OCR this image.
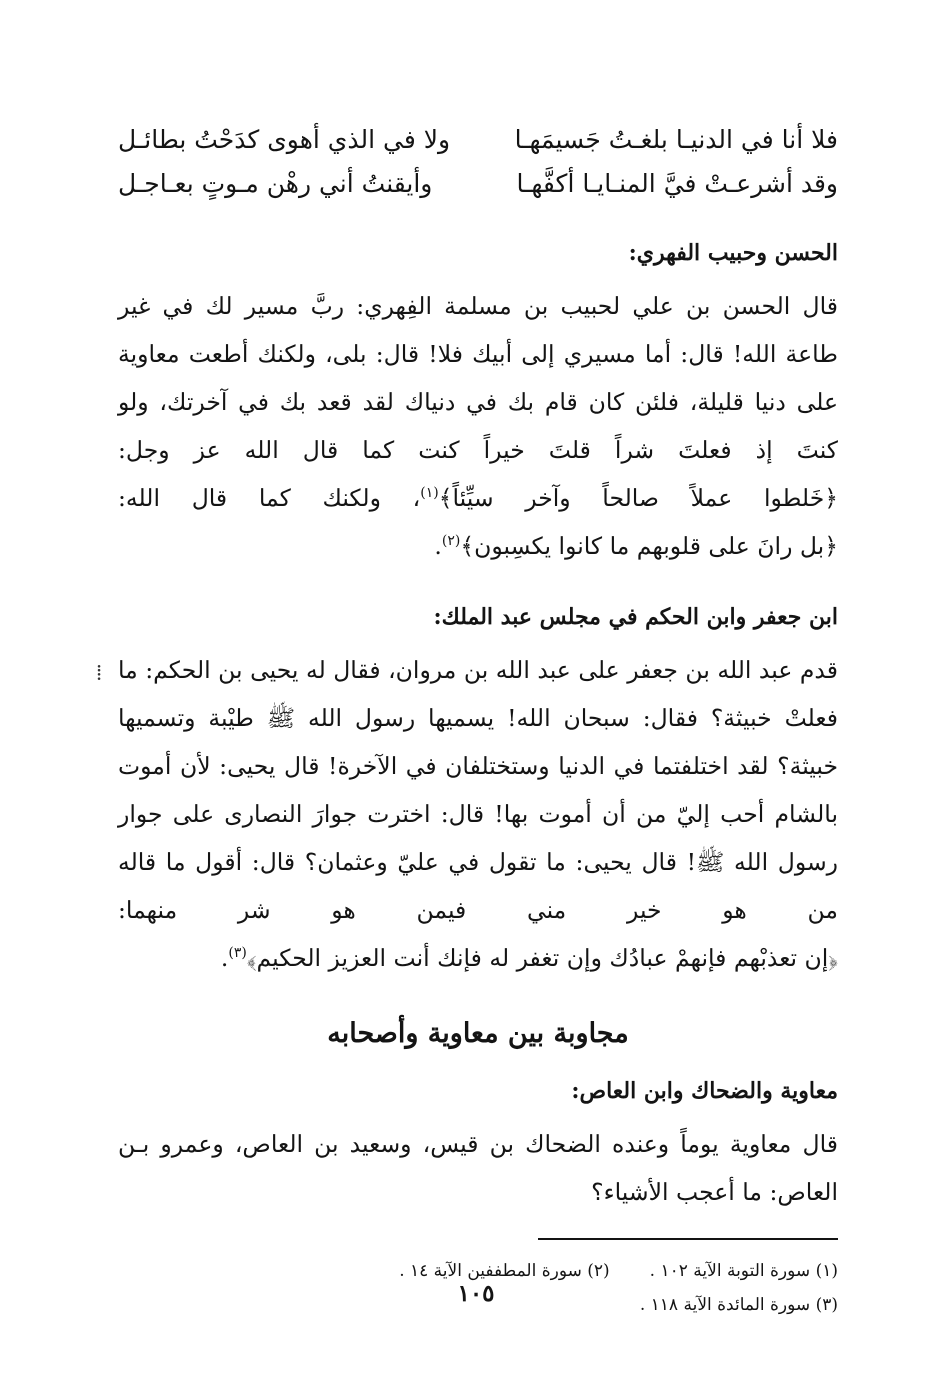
فلا أنا في الدنيـا بلغـتُ جَسيمَهـا
ولا في الذي أهوى كدَحْتُ بطائـل
وقد أشرعـتْ فيَّ المنـايـا أكفَّهـا
وأيقنتُ أني رهْن مـوتٍ بعـاجـل
الحسن وحبيب الفهري:

قال الحسن بن علي لحبيب بن مسلمة الفِهري: ربَّ مسير لك في غير طاعة الله! قال: أما مسيري إلى أبيك فلا! قال: بلى، ولكنك أطعت معاوية على دنيا قليلة، فلئن كان قام بك في دنياك لقد قعد بك في آخرتك، ولو كنتَ إذ فعلتَ شراً قلتَ خيراً كنت كما قال الله عز وجل: ﴿خَلطوا عملاً صالحاً وآخر سيِّئاً﴾$^{(١)}$، ولكنك كما قال الله: ﴿بل رانَ على قلوبهم ما كانوا يكسِبون﴾$^{(٢)}$.

ابن جعفر وابن الحكم في مجلس عبد الملك:

قدم عبد الله بن جعفر على عبد الله بن مروان، فقال له يحيى بن الحكم: ما فعلتْ خبيثة؟ فقال: سبحان الله! يسميها رسول الله ﷺ طيْبة وتسميها خبيثة؟ لقد اختلفتما في الدنيا وستختلفان في الآخرة! قال يحيى: لأن أموت بالشام أحب إليّ من أن أموت بها! قال: اخترت جوارَ النصارى على جوار رسول الله ﷺ! قال يحيى: ما تقول في عليّ وعثمان؟ قال: أقول ما قاله من هو خير مني فيمن هو شر منهما: ﴿إن تعذبْهم فإنهمْ عبادُك وإن تغفر له فإنك أنت العزيز الحكيم﴾$^{(٣)}$.

مجاوبة بين معاوية وأصحابه
معاوية والضحاك وابن العاص:

قال معاوية يوماً وعنده الضحاك بن قيس، وسعيد بن العاص، وعمرو بـن العاص: ما أعجب الأشياء؟

(١) سورة التوبة الآية ١٠٢ .
(٢) سورة المطففين الآية ١٤ .
(٣) سورة المائدة الآية ١١٨ .
⁞
١٠٥
